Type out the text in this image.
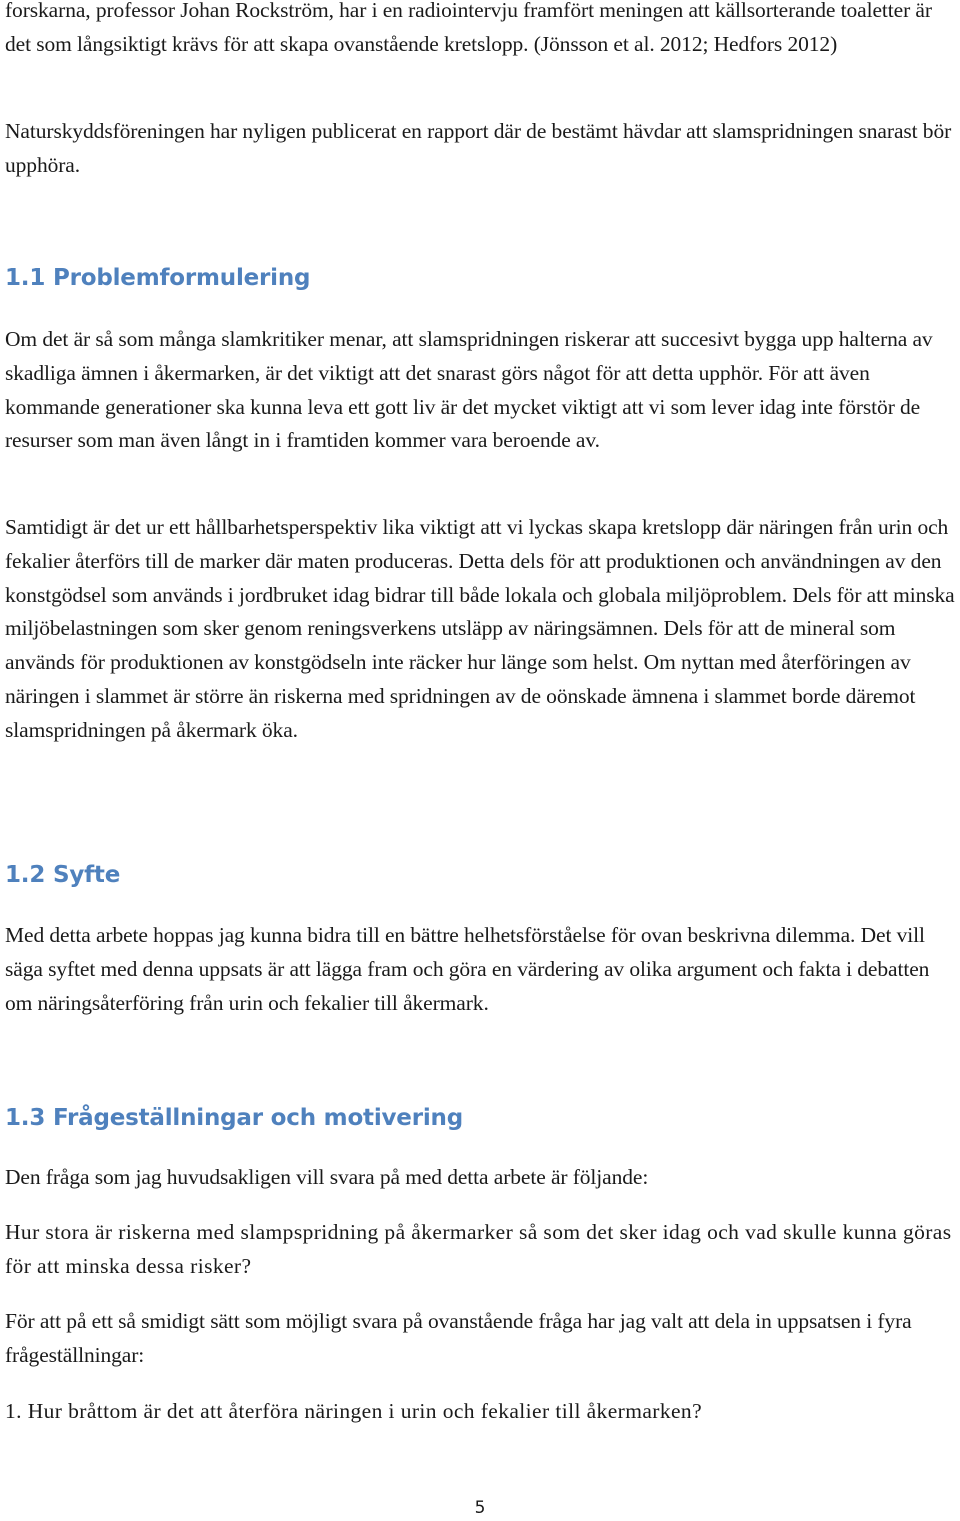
forskarna, professor Johan Rockström, har i en radiointervju framfört meningen att källsorterande toaletter är det som långsiktigt krävs för att skapa ovanstående kretslopp. (Jönsson et al. 2012; Hedfors 2012)

Naturskyddsföreningen har nyligen publicerat en rapport där de bestämt hävdar att slamspridningen snarast bör upphöra.

1.1 Problemformulering

Om det är så som många slamkritiker menar, att slamspridningen riskerar att succesivt bygga upp halterna av skadliga ämnen i åkermarken, är det viktigt att det snarast görs något för att detta upphör. För att även kommande generationer ska kunna leva ett gott liv är det mycket viktigt att vi som lever idag inte förstör de resurser som man även långt in i framtiden kommer vara beroende av.

Samtidigt är det ur ett hållbarhetsperspektiv lika viktigt att vi lyckas skapa kretslopp där näringen från urin och fekalier återförs till de marker där maten produceras. Detta dels för att produktionen och användningen av den konstgödsel som används i jordbruket idag bidrar till både lokala och globala miljöproblem. Dels för att minska miljöbelastningen som sker genom reningsverkens utsläpp av näringsämnen. Dels för att de mineral som används för produktionen av konstgödseln inte räcker hur länge som helst. Om nyttan med återföringen av näringen i slammet är större än riskerna med spridningen av de oönskade ämnena i slammet borde däremot slamspridningen på åkermark öka.

1.2 Syfte

Med detta arbete hoppas jag kunna bidra till en bättre helhetsförståelse för ovan beskrivna dilemma. Det vill säga syftet med denna uppsats är att lägga fram och göra en värdering av olika argument och fakta i debatten om näringsåterföring från urin och fekalier till åkermark.

1.3 Frågeställningar och motivering

Den fråga som jag huvudsakligen vill svara på med detta arbete är följande:

Hur stora är riskerna med slampspridning på åkermarker så som det sker idag och vad skulle kunna göras för att minska dessa risker?

För att på ett så smidigt sätt som möjligt svara på ovanstående fråga har jag valt att dela in uppsatsen i fyra frågeställningar:

1. Hur bråttom är det att återföra näringen i urin och fekalier till åkermarken?

5
